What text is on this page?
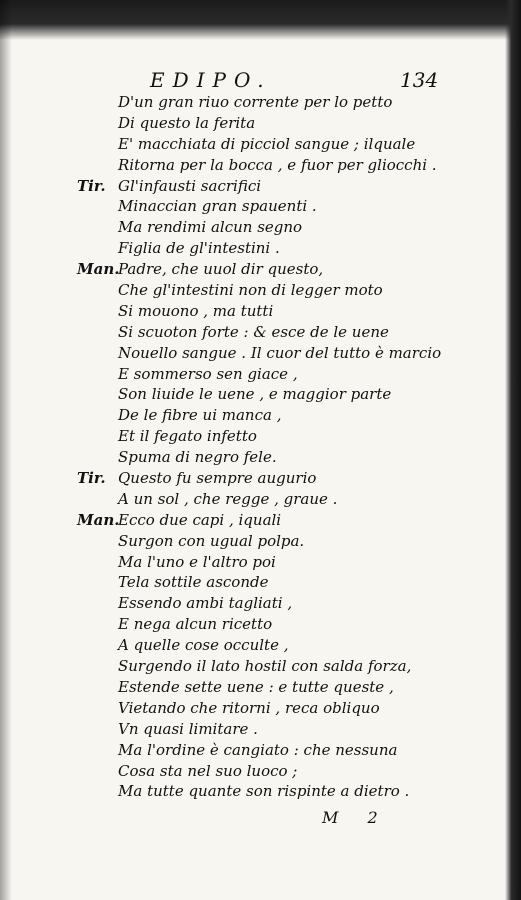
EDIPO.	134
D'un gran riuo corrente per lo petto
Di questo la ferita
E' macchiata di picciol sangue ; ilquale
Ritorna per la bocca , e fuor per gliocchi .
Tir. Gl'infausti sacrifici
Minaccian gran spauenti .
Ma rendimi alcun segno
Figlia de gl'intestini .
Man.
Padre, che uuol dir questo,
Che gl'intestini non di legger moto
Si mouono , ma tutti
Si scuoton forte : & esce de le uene
Nouello sangue . Il cuor del tutto è marcio
E sommerso sen giace ,
Son liuide le uene , e maggior parte
De le fibre ui manca ,
Et il fegato infetto
Spuma di negro fele.
Tir. Questo fu sempre augurio
A un sol , che regge , graue .
Man.
Ecco due capi , iquali
Surgon con ugual polpa.
Ma l'uno e l'altro poi
Tela sottile asconde
Essendo ambi tagliati ,
E nega alcun ricetto
A quelle cose occulte ,
Surgendo il lato hostil con salda forza,
Estende sette uene : e tutte queste ,
Vietando che ritorni , reca obliquo
Vn quasi limitare .
Ma l'ordine è cangiato : che nessuna
Cosa sta nel suo luoco ;
Ma tutte quante son rispinte a dietro .
M 2
